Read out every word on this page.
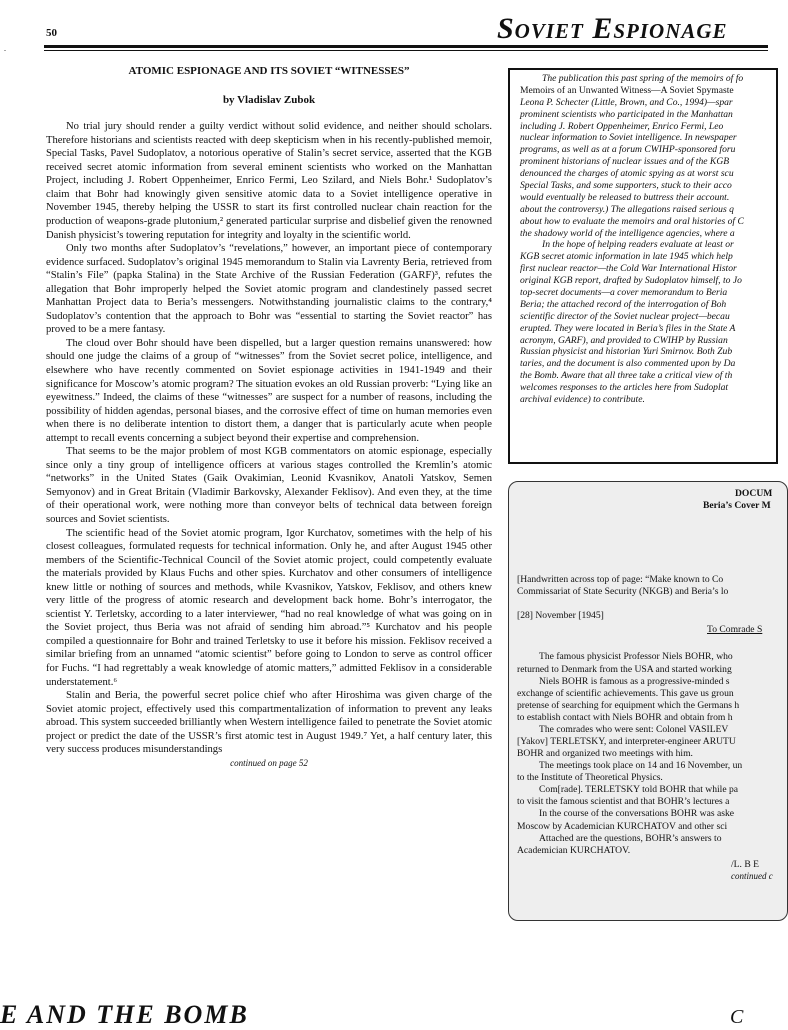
.
50	Soviet Espionage
ATOMIC ESPIONAGE AND ITS SOVIET “WITNESSES”
by Vladislav Zubok

No trial jury should render a guilty verdict without solid evidence, and neither should scholars. Therefore historians and scientists reacted with deep skepticism when in his recently-published memoir, Special Tasks, Pavel Sudoplatov, a notorious operative of Stalin’s secret service, asserted that the KGB received secret atomic information from several eminent scientists who worked on the Manhattan Project, including J. Robert Oppenheimer, Enrico Fermi, Leo Szilard, and Niels Bohr.¹ Sudoplatov’s claim that Bohr had knowingly given sensitive atomic data to a Soviet intelligence operative in November 1945, thereby helping the USSR to start its first controlled nuclear chain reaction for the production of weapons-grade plutonium,² generated particular surprise and disbelief given the renowned Danish physicist’s towering reputation for integrity and loyalty in the scientific world.

Only two months after Sudoplatov’s “revelations,” however, an important piece of contemporary evidence surfaced. Sudoplatov’s original 1945 memorandum to Stalin via Lavrenty Beria, retrieved from “Stalin’s File” (papka Stalina) in the State Archive of the Russian Federation (GARF)³, refutes the allegation that Bohr improperly helped the Soviet atomic program and clandestinely passed secret Manhattan Project data to Beria’s messengers. Notwithstanding journalistic claims to the contrary,⁴ Sudoplatov’s contention that the approach to Bohr was “essential to starting the Soviet reactor” has proved to be a mere fantasy.

The cloud over Bohr should have been dispelled, but a larger question remains unanswered: how should one judge the claims of a group of “witnesses” from the Soviet secret police, intelligence, and elsewhere who have recently commented on Soviet espionage activities in 1941-1949 and their significance for Moscow’s atomic program? The situation evokes an old Russian proverb: “Lying like an eyewitness.” Indeed, the claims of these “witnesses” are suspect for a number of reasons, including the possibility of hidden agendas, personal biases, and the corrosive effect of time on human memories even when there is no deliberate intention to distort them, a danger that is particularly acute when people attempt to recall events concerning a subject beyond their expertise and comprehension.

That seems to be the major problem of most KGB commentators on atomic espionage, especially since only a tiny group of intelligence officers at various stages controlled the Kremlin’s atomic “networks” in the United States (Gaik Ovakimian, Leonid Kvasnikov, Anatoli Yatskov, Semen Semyonov) and in Great Britain (Vladimir Barkovsky, Alexander Feklisov). And even they, at the time of their operational work, were nothing more than conveyor belts of technical data between foreign sources and Soviet scientists.

The scientific head of the Soviet atomic program, Igor Kurchatov, sometimes with the help of his closest colleagues, formulated requests for technical information. Only he, and after August 1945 other members of the Scientific-Technical Council of the Soviet atomic project, could competently evaluate the materials provided by Klaus Fuchs and other spies. Kurchatov and other consumers of intelligence knew little or nothing of sources and methods, while Kvasnikov, Yatskov, Feklisov, and others knew very little of the progress of atomic research and development back home. Bohr’s interrogator, the scientist Y. Terletsky, according to a later interviewer, “had no real knowledge of what was going on in the Soviet project, thus Beria was not afraid of sending him abroad.”⁵ Kurchatov and his people compiled a questionnaire for Bohr and trained Terletsky to use it before his mission. Feklisov received a similar briefing from an unnamed “atomic scientist” before going to London to serve as control officer for Fuchs. “I had regrettably a weak knowledge of atomic matters,” admitted Feklisov in a considerable understatement.⁶

Stalin and Beria, the powerful secret police chief who after Hiroshima was given charge of the Soviet atomic project, effectively used this compartmentalization of information to prevent any leaks abroad. This system succeeded brilliantly when Western intelligence failed to penetrate the Soviet atomic project or predict the date of the USSR’s first atomic test in August 1949.⁷ Yet, a half century later, this very success produces misunderstandings

continued on page 52

The publication this past spring of the memoirs of fo

Memoirs of an Unwanted Witness—A Soviet Spymaste

Leona P. Schecter (Little, Brown, and Co., 1994)—spar

prominent scientists who participated in the Manhattan

including J. Robert Oppenheimer, Enrico Fermi, Leo

nuclear information to Soviet intelligence. In newspaper

programs, as well as at a forum CWIHP-sponsored foru

prominent historians of nuclear issues and of the KGB

denounced the charges of atomic spying as at worst scu

Special Tasks, and some supporters, stuck to their acco

would eventually be released to buttress their account.

about the controversy.) The allegations raised serious q

about how to evaluate the memoirs and oral histories of C

the shadowy world of the intelligence agencies, where a

In the hope of helping readers evaluate at least or

KGB secret atomic information in late 1945 which help

first nuclear reactor—the Cold War International Histor

original KGB report, drafted by Sudoplatov himself, to Jo

top-secret documents—a cover memorandum to Beria

Beria; the attached record of the interrogation of Boh

scientific director of the Soviet nuclear project—becau

erupted. They were located in Beria’s files in the State A

acronym, GARF), and provided to CWIHP by Russian

Russian physicist and historian Yuri Smirnov. Both Zub

taries, and the document is also commented upon by Da

the Bomb. Aware that all three take a critical view of th

welcomes responses to the articles here from Sudoplat

archival evidence) to contribute.

DOCUM

Beria’s Cover M

[Handwritten across top of page: “Make known to Co

Commissariat of State Security (NKGB) and Beria’s lo

[28] November [1945]

To Comrade S

The famous physicist Professor Niels BOHR, who

returned to Denmark from the USA and started working

Niels BOHR is famous as a progressive-minded s

exchange of scientific achievements. This gave us groun

pretense of searching for equipment which the Germans h

to establish contact with Niels BOHR and obtain from h

The comrades who were sent: Colonel VASILEV

[Yakov] TERLETSKY, and interpreter-engineer ARUTU

BOHR and organized two meetings with him.

The meetings took place on 14 and 16 November, un

to the Institute of Theoretical Physics.

Com[rade]. TERLETSKY told BOHR that while pa

to visit the famous scientist and that BOHR’s lectures a

In the course of the conversations BOHR was aske

Moscow by Academician KURCHATOV and other sci

Attached are the questions, BOHR’s answers to

Academician KURCHATOV.

/L. B E

continued c

E AND THE BOMB	C
